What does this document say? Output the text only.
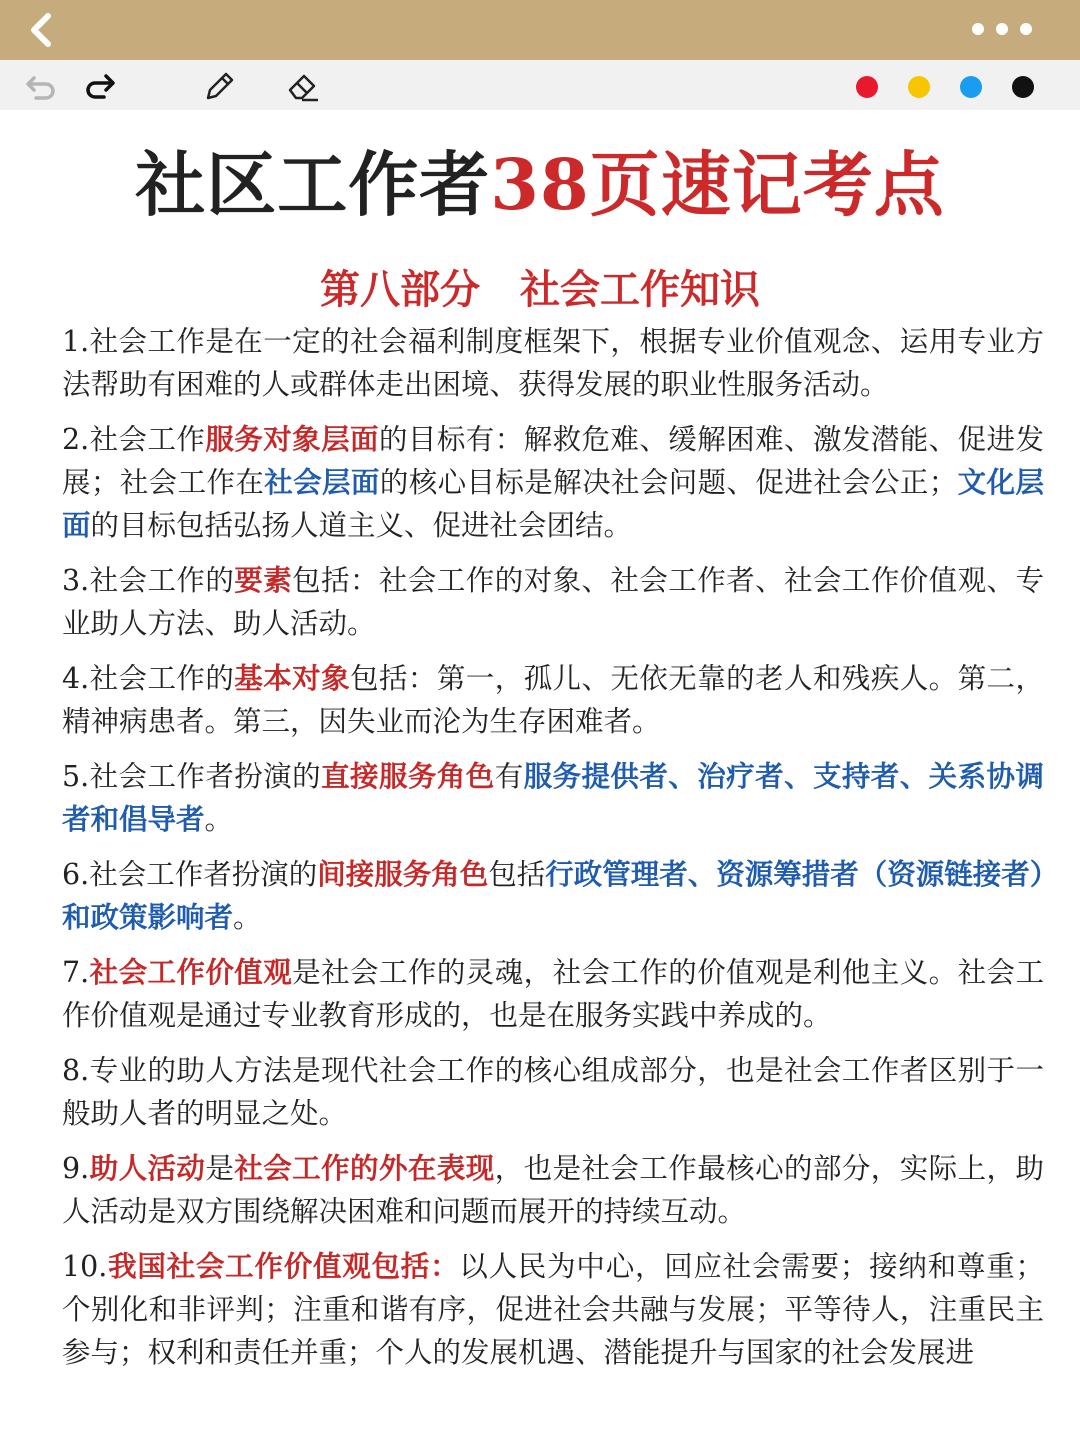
社区工作者38页速记考点
第八部分　社会工作知识

1.社会工作是在一定的社会福利制度框架下，根据专业价值观念、运用专业方法帮助有困难的人或群体走出困境、获得发展的职业性服务活动。

2.社会工作服务对象层面的目标有：解救危难、缓解困难、激发潜能、促进发展；社会工作在社会层面的核心目标是解决社会问题、促进社会公正；文化层面的目标包括弘扬人道主义、促进社会团结。

3.社会工作的要素包括：社会工作的对象、社会工作者、社会工作价值观、专业助人方法、助人活动。

4.社会工作的基本对象包括：第一，孤儿、无依无靠的老人和残疾人。第二，精神病患者。第三，因失业而沦为生存困难者。

5.社会工作者扮演的直接服务角色有服务提供者、治疗者、支持者、关系协调者和倡导者。

6.社会工作者扮演的间接服务角色包括行政管理者、资源筹措者（资源链接者）和政策影响者。

7.社会工作价值观是社会工作的灵魂，社会工作的价值观是利他主义。社会工作价值观是通过专业教育形成的，也是在服务实践中养成的。

8.专业的助人方法是现代社会工作的核心组成部分，也是社会工作者区别于一般助人者的明显之处。

9.助人活动是社会工作的外在表现，也是社会工作最核心的部分，实际上，助人活动是双方围绕解决困难和问题而展开的持续互动。

10.我国社会工作价值观包括：以人民为中心，回应社会需要；接纳和尊重；个别化和非评判；注重和谐有序，促进社会共融与发展；平等待人，注重民主参与；权利和责任并重；个人的发展机遇、潜能提升与国家的社会发展进
